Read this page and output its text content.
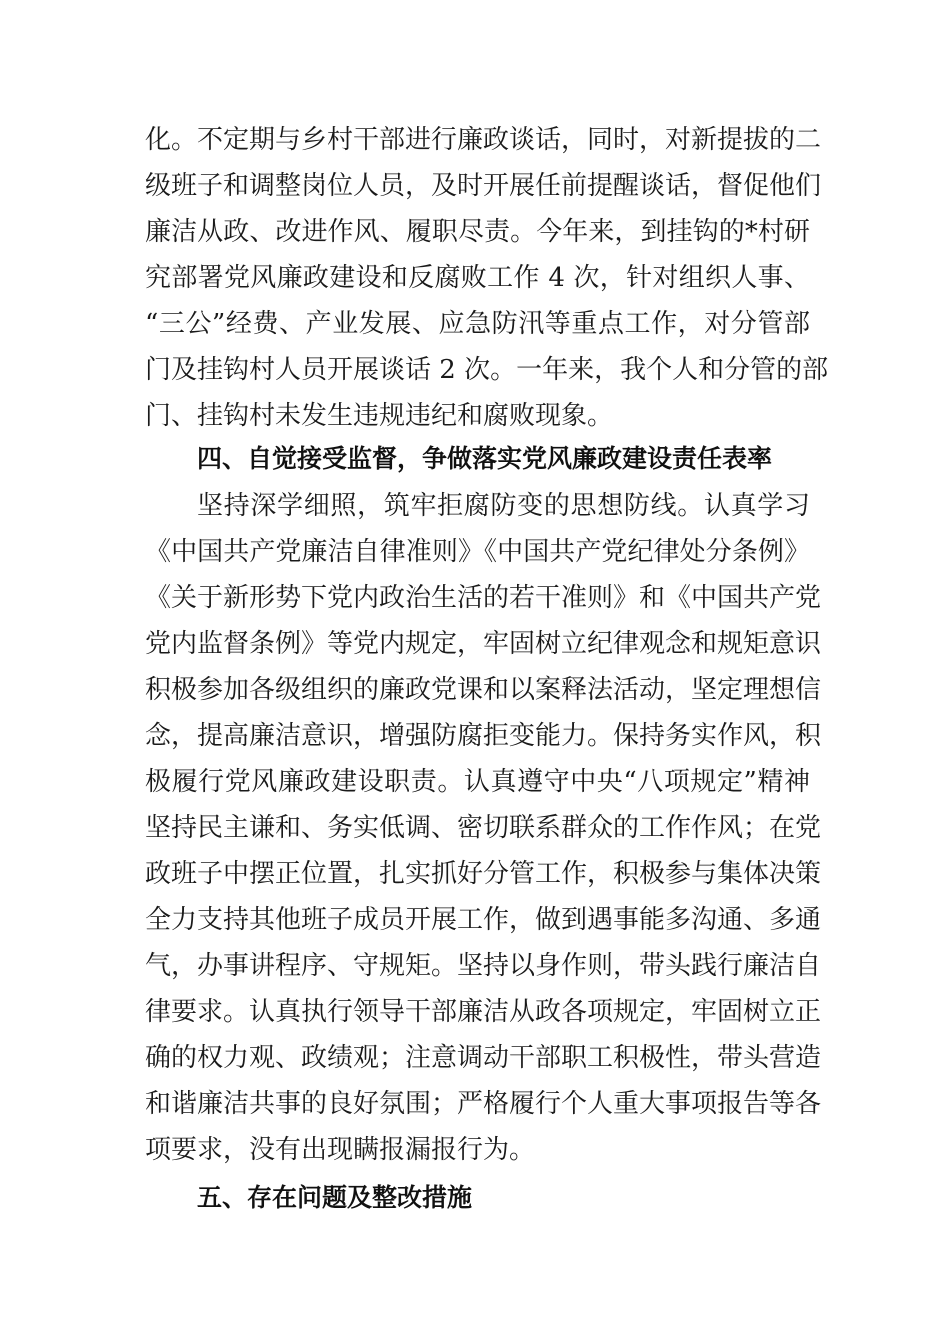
化。不定期与乡村干部进行廉政谈话，同时，对新提拔的二
级班子和调整岗位人员，及时开展任前提醒谈话，督促他们
廉洁从政、改进作风、履职尽责。今年来，到挂钩的*村研
究部署党风廉政建设和反腐败工作 4 次，针对组织人事、
“三公”经费、产业发展、应急防汛等重点工作，对分管部
门及挂钩村人员开展谈话 2 次。一年来，我个人和分管的部
门、挂钩村未发生违规违纪和腐败现象。
四、自觉接受监督，争做落实党风廉政建设责任表率
坚持深学细照，筑牢拒腐防变的思想防线。认真学习
《中国共产党廉洁自律准则》《中国共产党纪律处分条例》
《关于新形势下党内政治生活的若干准则》和《中国共产党
党内监督条例》等党内规定，牢固树立纪律观念和规矩意识
积极参加各级组织的廉政党课和以案释法活动，坚定理想信
念，提高廉洁意识，增强防腐拒变能力。保持务实作风，积
极履行党风廉政建设职责。认真遵守中央“八项规定”精神
坚持民主谦和、务实低调、密切联系群众的工作作风；在党
政班子中摆正位置，扎实抓好分管工作，积极参与集体决策
全力支持其他班子成员开展工作，做到遇事能多沟通、多通
气，办事讲程序、守规矩。坚持以身作则，带头践行廉洁自
律要求。认真执行领导干部廉洁从政各项规定，牢固树立正
确的权力观、政绩观；注意调动干部职工积极性，带头营造
和谐廉洁共事的良好氛围；严格履行个人重大事项报告等各
项要求，没有出现瞒报漏报行为。
五、存在问题及整改措施
